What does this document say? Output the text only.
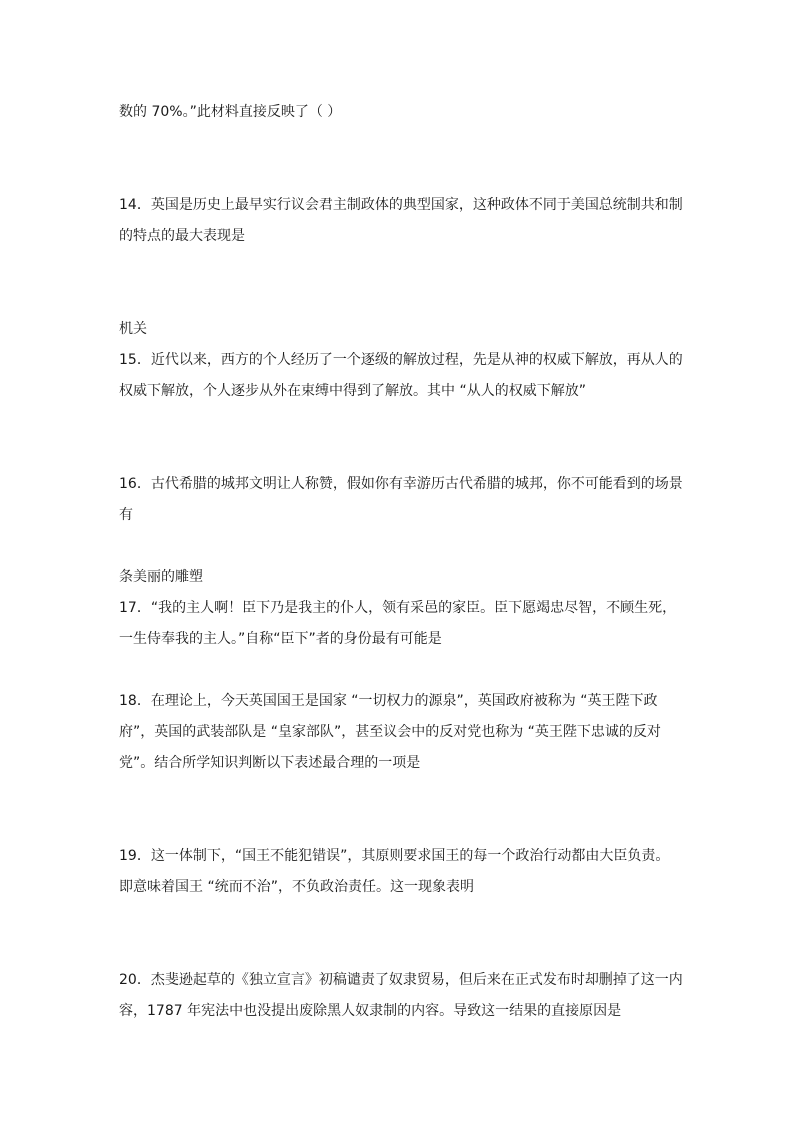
数的 70%。”此材料直接反映了（ ）
14．英国是历史上最早实行议会君主制政体的典型国家，这种政体不同于美国总统制共和制
的特点的最大表现是
机关
15．近代以来，西方的个人经历了一个逐级的解放过程，先是从神的权威下解放，再从人的
权威下解放，个人逐步从外在束缚中得到了解放。其中 “从人的权威下解放”
16．古代希腊的城邦文明让人称赞，假如你有幸游历古代希腊的城邦，你不可能看到的场景
有
条美丽的雕塑
17．“我的主人啊！臣下乃是我主的仆人，领有采邑的家臣。臣下愿竭忠尽智，不顾生死，
一生侍奉我的主人。”自称“臣下”者的身份最有可能是
18．在理论上，今天英国国王是国家 “一切权力的源泉”，英国政府被称为 “英王陛下政
府”，英国的武装部队是 “皇家部队”，甚至议会中的反对党也称为 “英王陛下忠诚的反对
党”。结合所学知识判断以下表述最合理的一项是
19．这一体制下，“国王不能犯错误”，其原则要求国王的每一个政治行动都由大臣负责。
即意味着国王 “统而不治”，不负政治责任。这一现象表明
20．杰斐逊起草的《独立宣言》初稿谴责了奴隶贸易，但后来在正式发布时却删掉了这一内
容，1787 年宪法中也没提出废除黑人奴隶制的内容。导致这一结果的直接原因是
